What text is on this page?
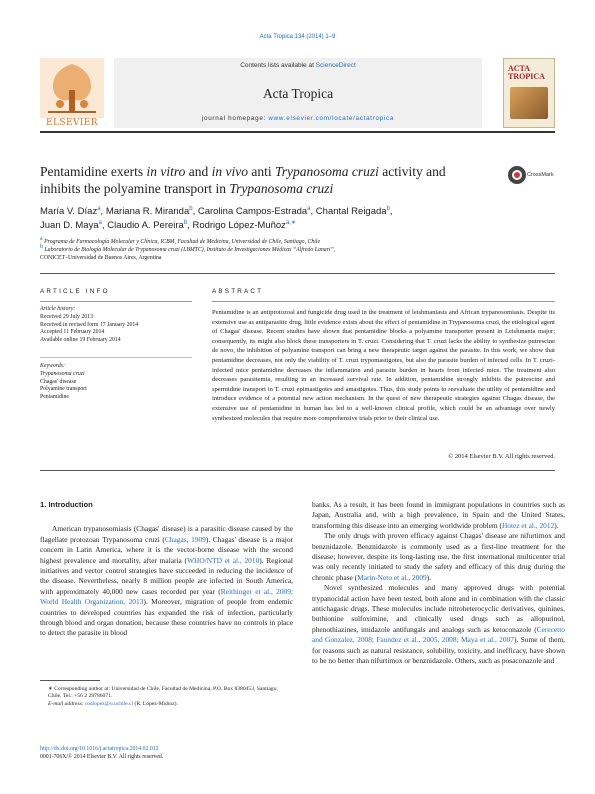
Acta Tropica 134 (2014) 1–9
ELSEVIER
Contents lists available at ScienceDirect
Acta Tropica
journal homepage: www.elsevier.com/locate/actatropica
ACTA
TROPICA
Pentamidine exerts in vitro and in vivo anti Trypanosoma cruzi activity and inhibits the polyamine transport in Trypanosoma cruzi
CrossMark
María V. Díaz$^a$, Mariana R. Miranda$^b$, Carolina Campos-Estrada$^a$, Chantal Reigada$^b$,
Juan D. Maya$^a$, Claudio A. Pereira$^b$, Rodrigo López-Muñoz$^{a,∗}$
$^a$ Programa de Farmacología Molecular y Clínica, ICBM, Facultad de Medicina, Universidad de Chile, Santiago, Chile
$^b$ Laboratorio de Biología Molecular de Trypanosoma cruzi (LBMTC), Instituto de Investigaciones Médicas “Alfredo Lanari”,
CONICET–Universidad de Buenos Aires, Argentina
ARTICLE INFO	ABSTRACT
Article history:
Received 29 July 2013
Received in revised form 17 January 2014
Accepted 11 February 2014
Available online 19 February 2014
Keywords:
Trypanosoma cruzi
Chagas' disease
Polyamine transport
Pentamidine
Pentamidine is an antiprotozoal and fungicide drug used in the treatment of leishmaniasis and African trypanosomiasis. Despite its extensive use as antiparasitic drug, little evidence exists about the effect of pentamidine in Trypanosoma cruzi, the etiological agent of Chagas' disease. Recent studies have shown that pentamidine blocks a polyamine transporter present in Leishmania major; consequently, its might also block these transporters in T. cruzi. Considering that T. cruzi lacks the ability to synthesize putrescine de novo, the inhibition of polyamine transport can bring a new therapeutic target against the parasite. In this work, we show that pentamidine decreases, not only the viability of T. cruzi trypomastigotes, but also the parasite burden of infected cells. In T. cruzi-infected mice pentamidine decreases the inflammation and parasite burden in hearts from infected mice. The treatment also decreases parasitemia, resulting in an increased survival rate. In addition, pentamidine strongly inhibits the putrescine and spermidine transport in T. cruzi epimastigotes and amastigotes. Thus, this study points to reevaluate the utility of pentamidine and introduce evidence of a potential new action mechanism. In the quest of new therapeutic strategies against Chagas disease, the extensive use of pentamidine in human has led to a well-known clinical profile, which could be an advantage over newly synthesized molecules that require more comprehensive trials prior to their clinical use.
© 2014 Elsevier B.V. All rights reserved.
1. Introduction
American trypanosomiasis (Chagas' disease) is a parasitic disease caused by the flagellate protozoan Trypanosoma cruzi (Chagas, 1909). Chagas' disease is a major concern in Latin America, where it is the vector-borne disease with the second highest prevalence and mortality, after malaria (WHO/NTD et al., 2010). Regional initiatives and vector control strategies have succeeded in reducing the incidence of the disease. Nevertheless, nearly 8 million people are infected in South America, with approximately 40,000 new cases recorded per year (Reithinger et al., 2009; World Health Organization, 2013). Moreover, migration of people from endemic countries to developed countries has expanded the risk of infection, particularly through blood and organ donation, because these countries have no controls in place to detect the parasite in blood
banks. As a result, it has been found in immigrant populations in countries such as Japan, Australia and, with a high prevalence, in Spain and the United States, transforming this disease into an emerging worldwide problem (Hotez et al., 2012).
The only drugs with proven efficacy against Chagas' disease are nifurtimox and benznidazole. Benznidazole is commonly used as a first-line treatment for the disease; however, despite its long-lasting use, the first international multicenter trial was only recently initiated to study the safety and efficacy of this drug during the chronic phase (Marin-Neto et al., 2009).
Novel synthesized molecules and many approved drugs with potential trypanocidal action have been tested, both alone and in combination with the classic antichagasic drugs. These molecules include nitroheterocyclic derivatives, quinines, buthionine sulfoximine, and clinically used drugs such as allopurinol, phenothiazines, imidazole antifungals and analogs such as ketoconazole (Cerecetto and Gonzalez, 2008; Faundez et al., 2005, 2008; Maya et al., 2007). Some of them, for reasons such as natural resistance, solubility, toxicity, and inefficacy, have shown to be no better than nifurtimox or benznidazole. Others, such as posaconazole and
∗ Corresponding author at: Universidad de Chile, Facultad de Medicina, P.O. Box 8380453, Santiago, Chile. Tel.: +56 2 29786071.
E-mail address: rodlopez@u.uchile.cl (R. López-Muñoz).
http://dx.doi.org/10.1016/j.actatropica.2014.02.012
0001-706X/© 2014 Elsevier B.V. All rights reserved.
